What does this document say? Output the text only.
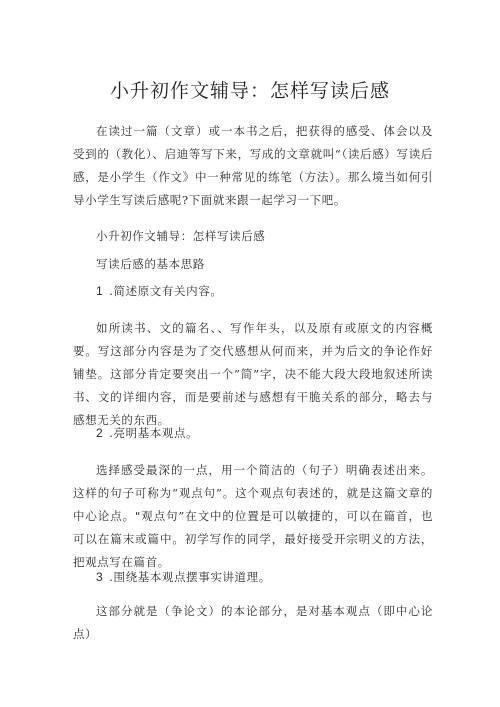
小升初作文辅导：怎样写读后感

在读过一篇（文章）或一本书之后，把获得的感受、体会以及受到的（教化）、启迪等写下来，写成的文章就叫“（读后感）写读后感，是小学生（作文》中一种常见的练笔（方法）。那么境当如何引导小学生写读后感呢?下面就来跟一起学习一下吧。

小升初作文辅导：怎样写读后感

写读后感的基本思路

1 .简述原文有关内容。

如所读书、文的篇名、、写作年头，以及原有或原文的内容概要。写这部分内容是为了交代感想从何而来，并为后文的争论作好铺垫。这部分肯定要突出一个”简”字，决不能大段大段地叙述所读书、文的详细内容，而是要前述与感想有干脆关系的部分，略去与感想无关的东西。

2 .亮明基本观点。

选择感受最深的一点，用一个简洁的（句子）明确表述出来。这样的句子可称为“观点句”。这个观点句表述的，就是这篇文章的中心论点。"观点句”在文中的位置是可以敏捷的，可以在篇首，也可以在篇末或篇中。初学写作的同学，最好接受开宗明义的方法，把观点写在篇首。

3 .围绕基本观点摆事实讲道理。

这部分就是（争论文）的本论部分，是对基本观点（即中心论点）
